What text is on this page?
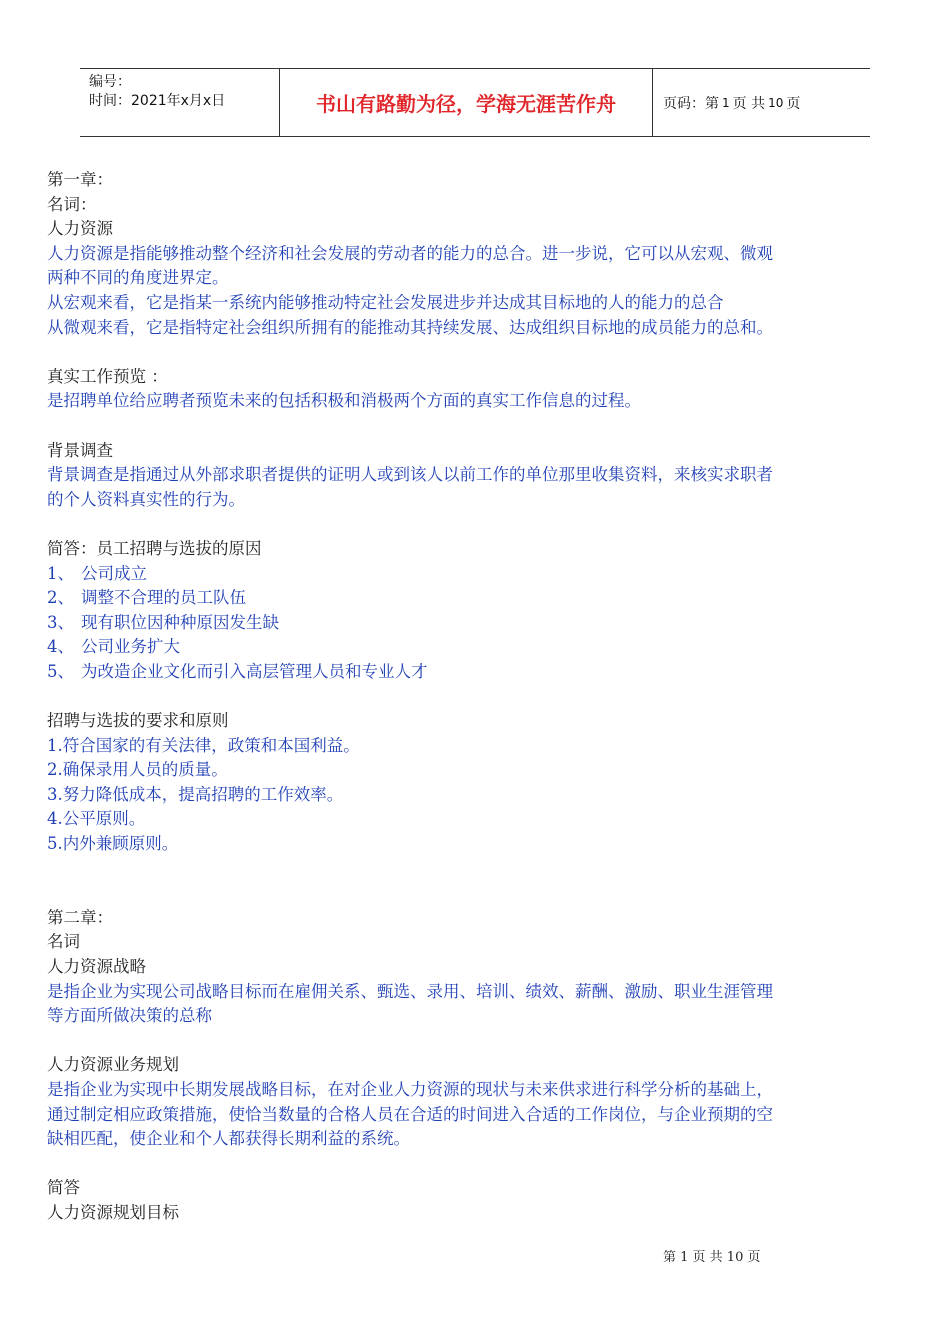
编号：
时间：2021年x月x日	书山有路勤为径，学海无涯苦作舟	页码：第 1 页 共 10 页

第一章：

名词：

人力资源

人力资源是指能够推动整个经济和社会发展的劳动者的能力的总合。进一步说，它可以从宏观、微观

两种不同的角度进界定。

从宏观来看，它是指某一系统内能够推动特定社会发展进步并达成其目标地的人的能力的总合

从微观来看，它是指特定社会组织所拥有的能推动其持续发展、达成组织目标地的成员能力的总和。

真实工作预览 ：

是招聘单位给应聘者预览未来的包括积极和消极两个方面的真实工作信息的过程。

背景调查

背景调查是指通过从外部求职者提供的证明人或到该人以前工作的单位那里收集资料，来核实求职者

的个人资料真实性的行为。

简答：员工招聘与选拔的原因

1、 公司成立
2、 调整不合理的员工队伍
3、 现有职位因种种原因发生缺
4、 公司业务扩大
5、 为改造企业文化而引入高层管理人员和专业人才

招聘与选拔的要求和原则

1.符合国家的有关法律，政策和本国利益。

2.确保录用人员的质量。

3.努力降低成本，提高招聘的工作效率。

4.公平原则。

5.内外兼顾原则。

第二章：

名词

人力资源战略

是指企业为实现公司战略目标而在雇佣关系、甄选、录用、培训、绩效、薪酬、激励、职业生涯管理

等方面所做决策的总称

人力资源业务规划

是指企业为实现中长期发展战略目标，在对企业人力资源的现状与未来供求进行科学分析的基础上，

通过制定相应政策措施，使恰当数量的合格人员在合适的时间进入合适的工作岗位，与企业预期的空

缺相匹配，使企业和个人都获得长期利益的系统。

简答

人力资源规划目标

第 1 页 共 10 页
